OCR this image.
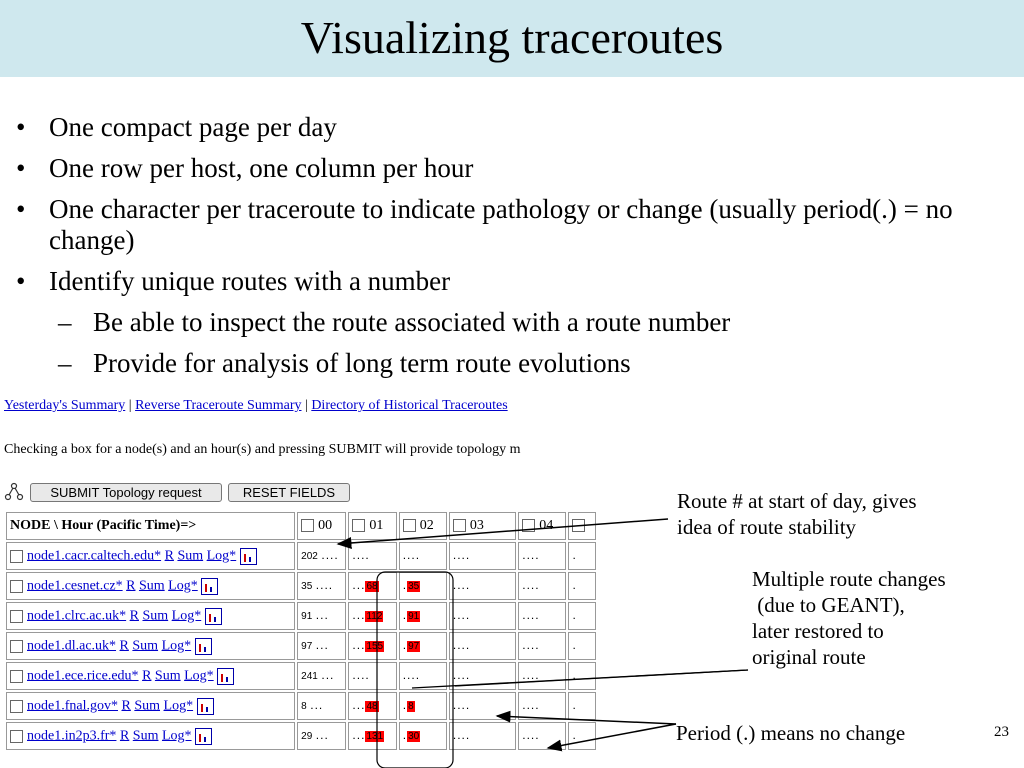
Visualizing traceroutes
• One compact page per day
• One row per host, one column per hour
• One character per traceroute to indicate pathology or change (usually period(.) = no change)
• Identify unique routes with a number
– Be able to inspect the route associated with a route number
– Provide for analysis of long term route evolutions
Yesterday's Summary | Reverse Traceroute Summary | Directory of Historical Traceroutes
Checking a box for a node(s) and an hour(s) and pressing SUBMIT will provide topology m
SUBMIT Topology request	RESET FIELDS
NODE \ Hour (Pacific Time)=>	00	01	02	03	04	
node1.cacr.caltech.edu* R Sum Log*	202 ....	....	....	....	....	.
node1.cesnet.cz* R Sum Log*	35 ....	...68	.35	....	....	.
node1.clrc.ac.uk* R Sum Log*	91 ...	...112	.91	....	....	.
node1.dl.ac.uk* R Sum Log*	97 ...	...155	.97	....	....	.
node1.ece.rice.edu* R Sum Log*	241 ...	....	....	....	....	.
node1.fnal.gov* R Sum Log*	8 ...	...48	.8	....	....	.
node1.in2p3.fr* R Sum Log*	29 ...	...131	.30	....	....	.
Route # at start of day, gives
idea of route stability
Multiple route changes
(due to GEANT),
later restored to
original route
Period (.) means no change	23
